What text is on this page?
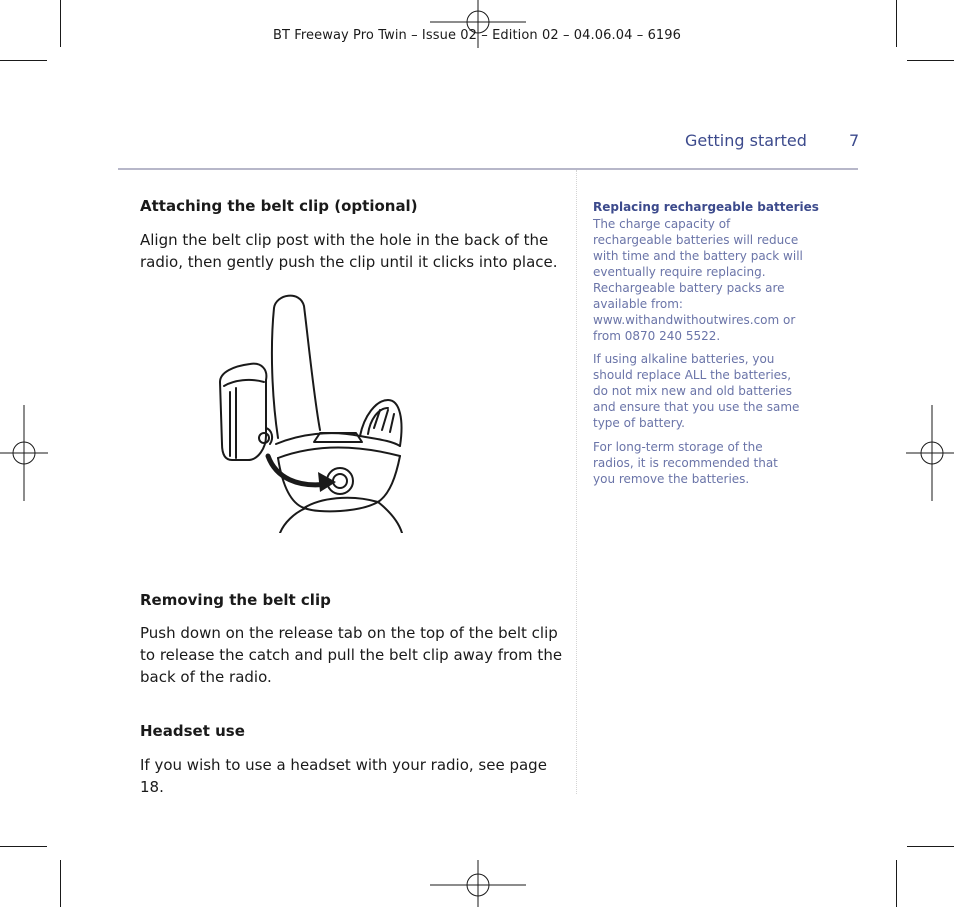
BT Freeway Pro Twin – Issue 02 – Edition 02 – 04.06.04 – 6196
Getting started	7
Attaching the belt clip (optional)
Align the belt clip post with the hole in the back of the radio, then gently push the clip until it clicks into place.
Removing the belt clip
Push down on the release tab on the top of the belt clip to release the catch and pull the belt clip away from the back of the radio.
Headset use
If you wish to use a headset with your radio, see page 18.
Replacing rechargeable batteries
The charge capacity of rechargeable batteries will reduce with time and the battery pack will eventually require replacing. Rechargeable battery packs are available from: www.withandwithoutwires.com or from 0870 240 5522.
If using alkaline batteries, you should replace ALL the batteries, do not mix new and old batteries and ensure that you use the same type of battery.
For long-term storage of the radios, it is recommended that you remove the batteries.
